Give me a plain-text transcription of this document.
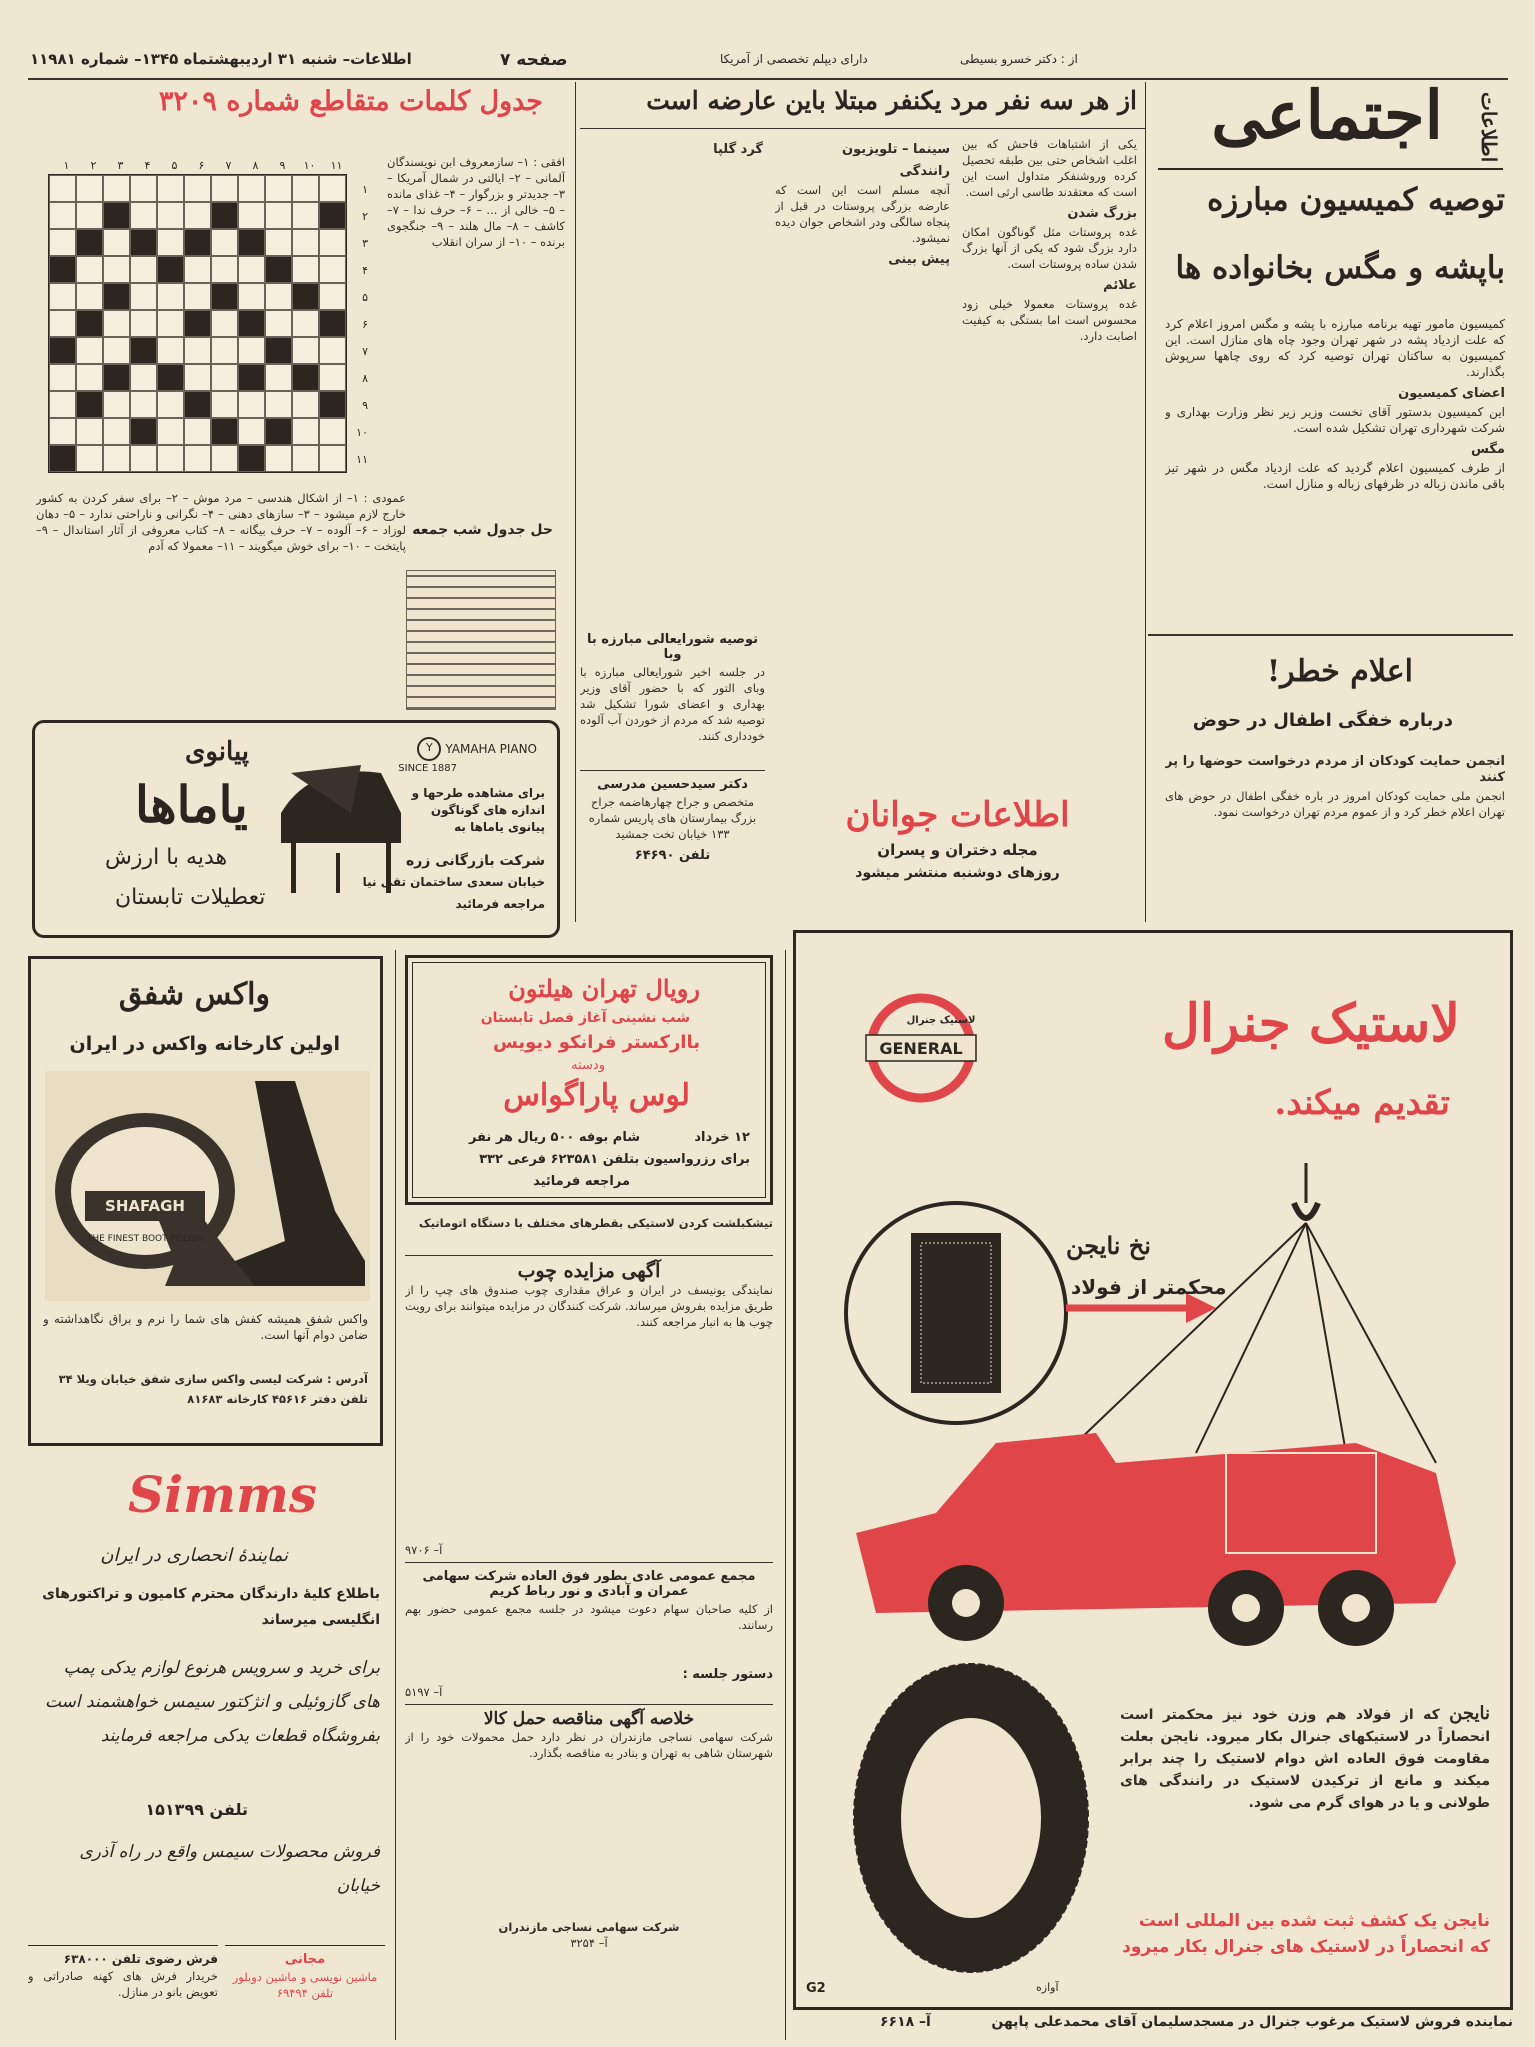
اطلاعات– شنبه ۳۱ اردیبهشتماه ۱۳۴۵– شماره ۱۱۹۸۱	صفحه ۷	دارای دیپلم تخصصی از آمریکا	از : دکتر خسرو بسیطی
اجتماعی اطلاعات
توصیه کمیسیون مبارزه
باپشه و مگس بخانواده ها

کمیسیون مامور تهیه برنامه مبارزه با پشه و مگس امروز اعلام کرد که علت ازدیاد پشه در شهر تهران وجود چاه های منازل است. این کمیسیون به ساکنان تهران توصیه کرد که روی چاهها سرپوش بگذارند.

اعضای کمیسیون

این کمیسیون بدستور آقای نخست وزیر زیر نظر وزارت بهداری و شرکت شهرداری تهران تشکیل شده است.

مگس

از طرف کمیسیون اعلام گردید که علت ازدیاد مگس در شهر تیز باقی ماندن زباله در ظرفهای زباله و منازل است.

اعلام خطر!
درباره خفگی اطفال در حوض
انجمن حمایت کودکان از مردم درخواست حوضها را پر کنند

انجمن ملی حمایت کودکان امروز در باره خفگی اطفال در حوض های تهران اعلام خطر کرد و از عموم مردم تهران درخواست نمود.

از هر سه نفر مرد یکنفر مبتلا باین عارضه است

یکی از اشتباهات فاحش که بین اغلب اشخاص حتی بین طبقه تحصیل کرده وروشنفکر متداول است این است که معتقدند طاسی ارثی است.

بزرگ شدن

غده پروستات مثل گوناگون امکان دارد بزرگ شود که یکی از آنها بزرگ شدن ساده پروستات است.

علائم

غده پروستات معمولا خیلی زود محسوس است اما بستگی به کیفیت اصابت دارد.

سینما – تلویزیون
رانندگی

آنچه مسلم است این است که عارضه بزرگی پروستات در قبل از پنجاه سالگی ودر اشخاص جوان دیده نمیشود.

پیش بینی
گرد گلپا
جدول کلمات متقاطع شماره ۳۲۰۹
۱۱۱۰۹۸۷۶۵۴۳۲۱
۱
۲
۳
۴
۵
۶
۷
۸
۹
۱۰
۱۱
افقی : ۱– سازمعروف ابن نویسندگان آلمانی – ۲– ایالتی در شمال آمریکا – ۳– جدیدتر و بزرگوار – ۴– غذای مانده – ۵– خالی از ... – ۶– حرف ندا – ۷– کاشف – ۸– مال هلند – ۹– جنگجوی برنده – ۱۰– از سران انقلاب
عمودی : ۱– از اشکال هندسی – مرد موش – ۲– برای سفر کردن به کشور خارج لازم میشود – ۳– سازهای دهنی – ۴– نگرانی و ناراحتی ندارد – ۵– دهان لوزاد – ۶– آلوده – ۷– حرف بیگانه – ۸– کتاب معروفی از آثار استاندال – ۹– پایتخت – ۱۰– برای خوش میگویند – ۱۱– معمولا که آدم
حل جدول شب جمعه
پیانوی
یاماها
هدیه با ارزش
تعطیلات تابستان
Y	YAMAHA PIANO
SINCE 1887
برای مشاهده طرحها و اندازه های گوناگون پیانوی یاماها به
شرکت بازرگانی زره
خیابان سعدی ساختمان تقی نیا
مراجعه فرمائید
توصیه شورایعالی مبارزه با وبا
در جلسه اخیر شورایعالی مبارزه با وبای التور که با حضور آقای وزیر بهداری و اعضای شورا تشکیل شد توصیه شد که مردم از خوردن آب آلوده خودداری کنند.
دکتر سیدحسین مدرسی
متخصص و جراح چهارهاضمه جراح بزرگ بیمارستان های پاریس شماره ۱۳۳ خیابان تخت جمشید
تلفن ۶۴۶۹۰
اطلاعات جوانان
مجله دختران و پسران
روزهای دوشنبه منتشر میشود
واکس شفق
اولین کارخانه واکس در ایران
SHAFAGH
THE FINEST BOOT POLISH
واکس شفق همیشه کفش های شما را نرم و براق نگاهداشته و ضامن دوام آنها است.
آدرس : شرکت لیسی واکس سازی شفق خیابان ویلا ۳۴
تلفن دفتر ۴۵۶۱۶ کارخانه ۸۱۶۸۳
رویال تهران هیلتون
شب نشینی آغاز فصل تابستان
باارکستر فرانکو دیویس
ودسته
لوس پاراگواس
۱۲ خرداد
شام بوفه ۵۰۰ ریال هر نفر
برای رزرواسیون بتلفن ۶۲۳۵۸۱ فرعی ۳۳۲
مراجعه فرمائید
تیشکبلشت کردن لاستیکی بقطرهای مختلف با دستگاه اتوماتیک
آگهی مزایده چوب
نمایندگی یونیسف در ایران و عراق مقداری چوب صندوق های چپ را از طریق مزایده بفروش میرساند. شرکت کنندگان در مزایده میتوانند برای رویت چوب ها به انبار مراجعه کنند.
آ– ۹۷۰۶
مجمع عمومی عادی بطور فوق العاده شرکت سهامی عمران و آبادی و نور رباط کریم
از کلیه صاحبان سهام دعوت میشود در جلسه مجمع عمومی حضور بهم رسانند.
دستور جلسه :
آ– ۵۱۹۷
خلاصه آگهی مناقصه حمل کالا
شرکت سهامی نساجی مازندران در نظر دارد حمل محمولات خود را از شهرستان شاهی به تهران و بنادر به مناقصه بگذارد.
شرکت سهامی نساجی مازندران
آ– ۳۲۵۴
Simms
نمایندهٔ انحصاری در ایران
باطلاع کلیهٔ دارندگان محترم کامیون و تراکتورهای انگلیسی میرساند
برای خرید و سرویس هرنوع لوازم یدکی پمپ های گازوئیلی و انژکتور سیمس خواهشمند است بفروشگاه قطعات یدکی مراجعه فرمایند
تلفن ۱۵۱۳۹۹
فروش محصولات سیمس واقع در راه آذری خیابان
فرش رضوی تلفن ۶۳۸۰۰۰
خریدار فرش های کهنه صادراتی و تعویض بانو در منازل.
مجانی
ماشین نویسی و ماشین دوبلور
تلفن ۶۹۴۹۴
لاستیک جنرال
تقدیم میکند.
GENERAL
لاستیک جنرال
نخ نایجن
محکمتر از فولاد
نایجن که از فولاد هم وزن خود نیز محکمتر است انحصاراً در لاستیکهای جنرال بکار میرود. نایجن بعلت مقاومت فوق العاده اش دوام لاستیک را چند برابر میکند و مانع از ترکیدن لاستیک در رانندگی های طولانی و یا در هوای گرم می شود.
نایجن یک کشف ثبت شده بین المللی است که انحصاراً در لاستیک های جنرال بکار میرود
G2	آوازه
نماینده فروش لاستیک مرغوب جنرال در مسجدسلیمان آقای محمدعلی پاپهن
آ– ۶۶۱۸
